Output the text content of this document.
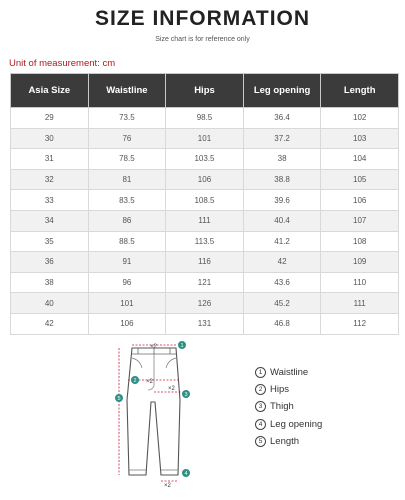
SIZE INFORMATION
Size chart is for reference only
Unit of measurement: cm
Asia Size	Waistline	Hips	Leg opening	Length
29	73.5	98.5	36.4	102
30	76	101	37.2	103
31	78.5	103.5	38	104
32	81	106	38.8	105
33	83.5	108.5	39.6	106
34	86	111	40.4	107
35	88.5	113.5	41.2	108
36	91	116	42	109
38	96	121	43.6	110
40	101	126	45.2	111
42	106	131	46.8	112
×2
×2
×2
×2
1
2
3
4
5
1 Waistline
2 Hips
3 Thigh
4 Leg opening
5 Length
